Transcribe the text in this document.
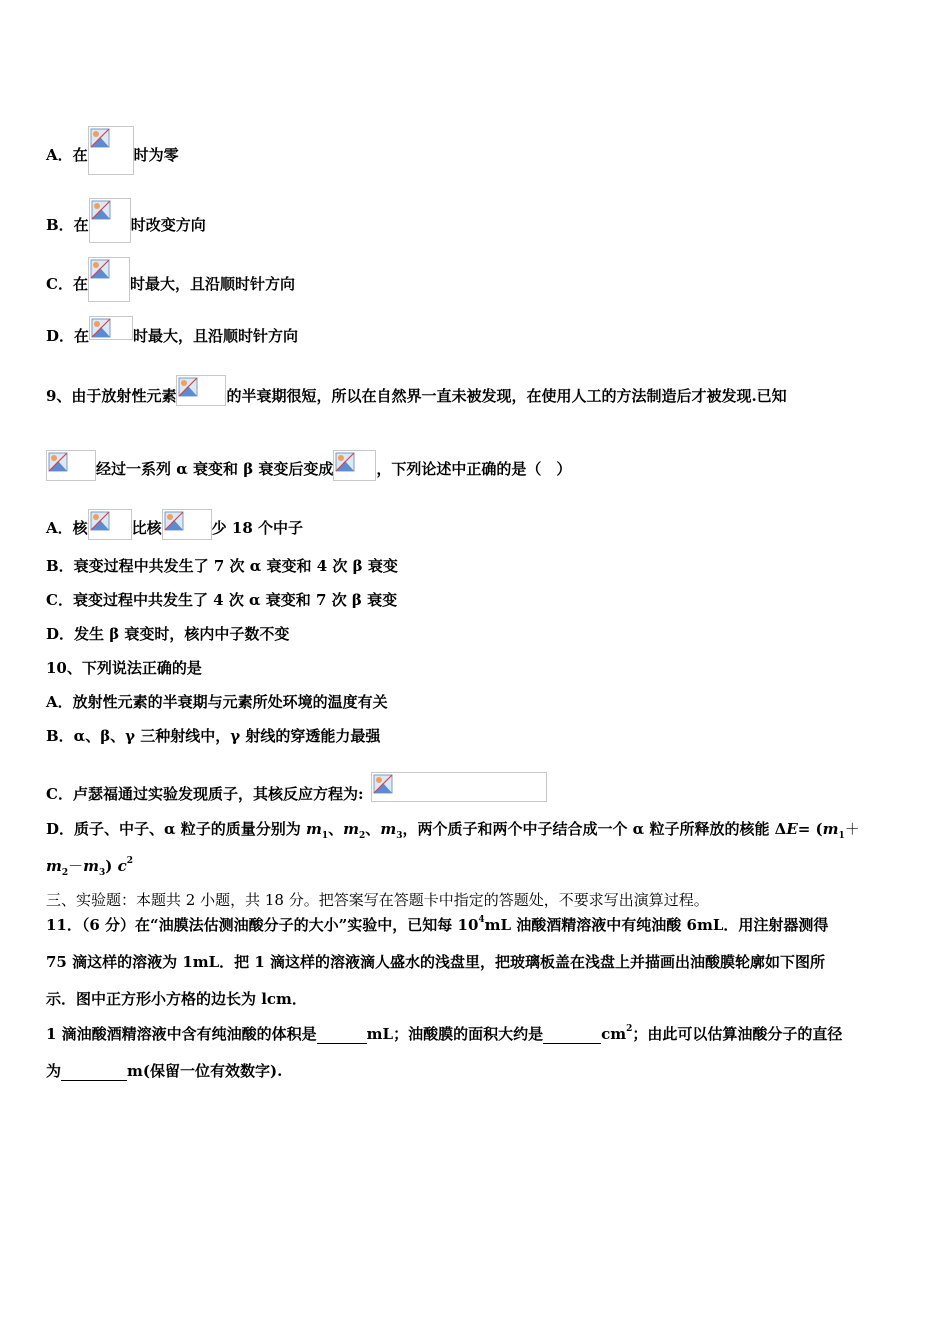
A．在	时为零
B．在	时改变方向
C．在	时最大，且沿顺时针方向
D．在	时最大，且沿顺时针方向
9、由于放射性元素	的半衰期很短，所以在自然界一直未被发现，在使用人工的方法制造后才被发现.已知
经过一系列 α 衰变和 β 衰变后变成	，下列论述中正确的是（　）
A．核	比核	少 18 个中子
B．衰变过程中共发生了 7 次 α 衰变和 4 次 β 衰变
C．衰变过程中共发生了 4 次 α 衰变和 7 次 β 衰变
D．发生 β 衰变时，核内中子数不变
10、下列说法正确的是
A．放射性元素的半衰期与元素所处环境的温度有关
B．α、β、γ 三种射线中，γ 射线的穿透能力最强
C．卢瑟福通过实验发现质子，其核反应方程为:
D．质子、中子、α 粒子的质量分别为 $m_1$、$m_2$、$m_3$，两个质子和两个中子结合成一个 α 粒子所释放的核能 $\Delta E= (m_1+$
$m_2-m_3$) $c^2$
三、实验题：本题共 2 小题，共 18 分。把答案写在答题卡中指定的答题处，不要求写出演算过程。
11．（6 分）在“油膜法估测油酸分子的大小”实验中，已知每 $10^4mL$ 油酸酒精溶液中有纯油酸 6mL．用注射器测得
75 滴这样的溶液为 1mL．把 1 滴这样的溶液滴人盛水的浅盘里，把玻璃板盖在浅盘上并描画出油酸膜轮廓如下图所
示．图中正方形小方格的边长为 lcm．
1 滴油酸酒精溶液中含有纯油酸的体积是	mL；油酸膜的面积大约是	$cm^2$；由此可以估算油酸分子的直径
为	m(保留一位有效数字).
